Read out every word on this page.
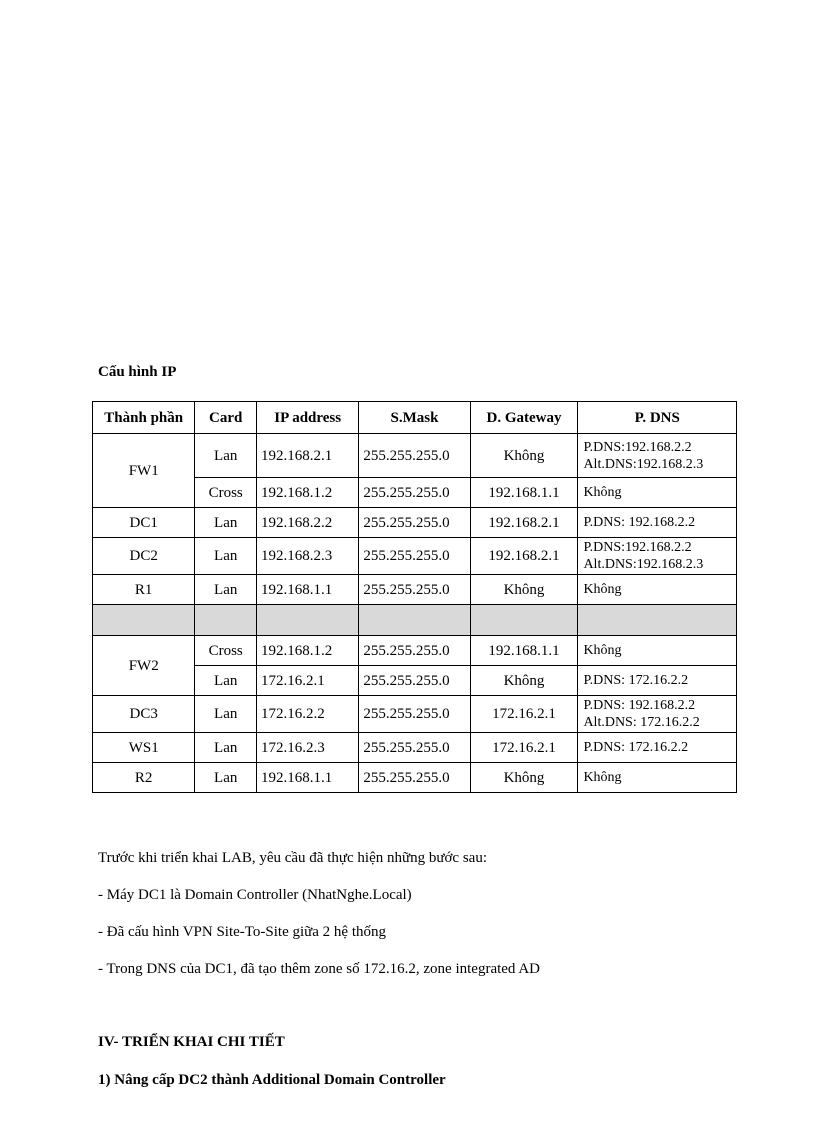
Cấu hình IP
Thành phần	Card	IP address	S.Mask	D. Gateway	P. DNS
FW1	Lan	192.168.2.1	255.255.255.0	Không	P.DNS:192.168.2.2
Alt.DNS:192.168.2.3

	Cross	192.168.1.2	255.255.255.0	192.168.1.1	Không

DC1	Lan	192.168.2.2	255.255.255.0	192.168.2.1	P.DNS: 192.168.2.2

DC2	Lan	192.168.2.3	255.255.255.0	192.168.2.1	P.DNS:192.168.2.2
Alt.DNS:192.168.2.3

R1	Lan	192.168.1.1	255.255.255.0	Không	Không

FW2	Cross	192.168.1.2	255.255.255.0	192.168.1.1	Không

	Lan	172.16.2.1	255.255.255.0	Không	P.DNS: 172.16.2.2

DC3	Lan	172.16.2.2	255.255.255.0	172.16.2.1	P.DNS: 192.168.2.2
Alt.DNS: 172.16.2.2

WS1	Lan	172.16.2.3	255.255.255.0	172.16.2.1	P.DNS: 172.16.2.2

R2	Lan	192.168.1.1	255.255.255.0	Không	Không
Trước khi triển khai LAB, yêu cầu đã thực hiện những bước sau:
- Máy DC1 là Domain Controller (NhatNghe.Local)
- Đã cấu hình VPN Site-To-Site giữa 2 hệ thống
- Trong DNS của DC1, đã tạo thêm zone số 172.16.2, zone integrated AD
IV- TRIỂN KHAI CHI TIẾT
1) Nâng cấp DC2 thành Additional Domain Controller
